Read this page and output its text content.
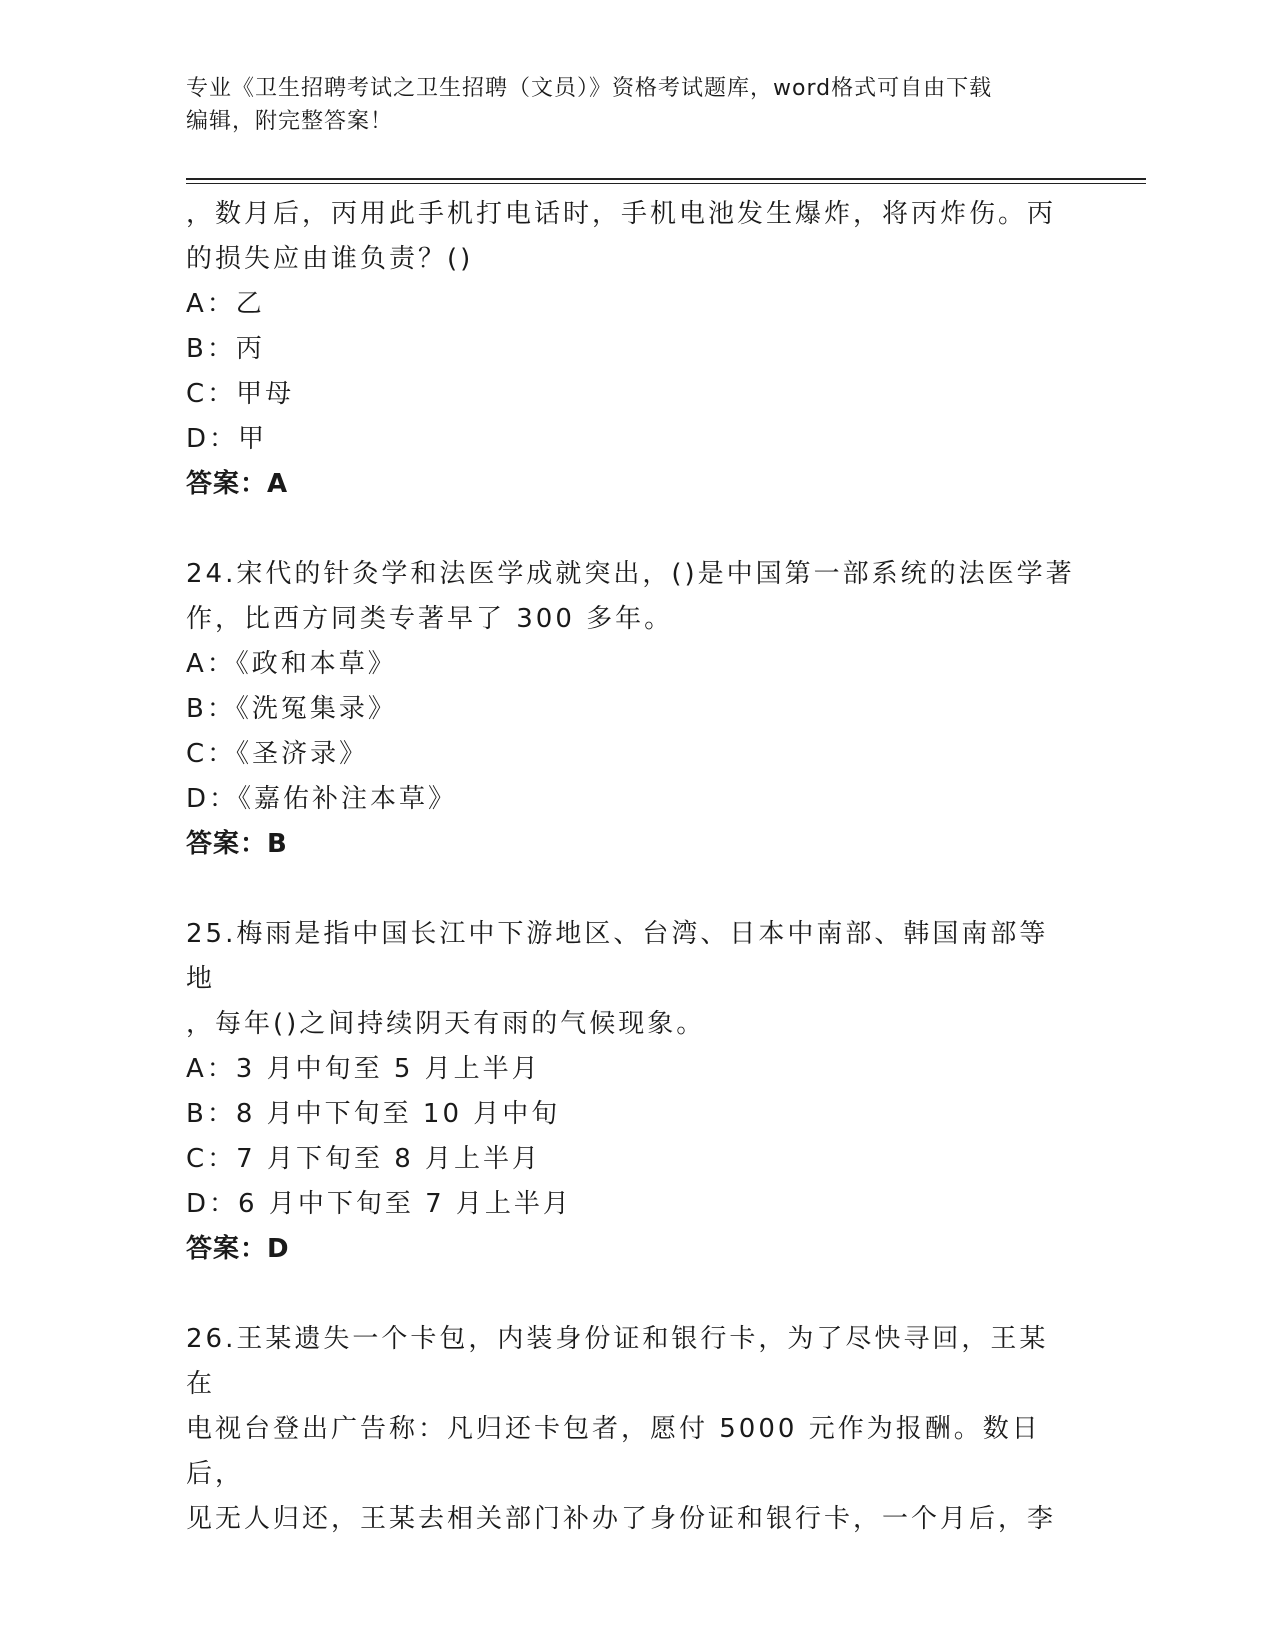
专业《卫生招聘考试之卫生招聘（文员）》资格考试题库，word格式可自由下载
编辑，附完整答案！

，数月后，丙用此手机打电话时，手机电池发生爆炸，将丙炸伤。丙

的损失应由谁负责？()

A：乙

B：丙

C：甲母

D：甲

答案：A

24.宋代的针灸学和法医学成就突出，()是中国第一部系统的法医学著

作，比西方同类专著早了 300 多年。

A：《政和本草》

B：《洗冤集录》

C：《圣济录》

D：《嘉佑补注本草》

答案：B

25.梅雨是指中国长江中下游地区、台湾、日本中南部、韩国南部等地

，每年()之间持续阴天有雨的气候现象。

A：3 月中旬至 5 月上半月

B：8 月中下旬至 10 月中旬

C：7 月下旬至 8 月上半月

D：6 月中下旬至 7 月上半月

答案：D

26.王某遗失一个卡包，内装身份证和银行卡，为了尽快寻回，王某在

电视台登出广告称：凡归还卡包者，愿付 5000 元作为报酬。数日后，

见无人归还，王某去相关部门补办了身份证和银行卡，一个月后，李
